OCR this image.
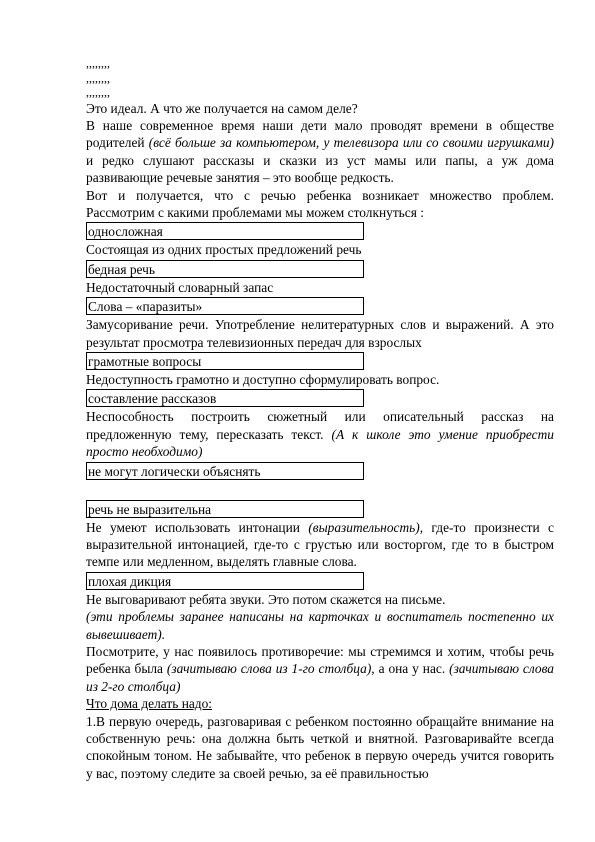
,,,,,,,,

,,,,,,,,

,,,,,,,,

Это идеал. А что же получается на самом деле?

В наше современное время наши дети мало проводят времени в обществе родителей (всё больше за компьютером, у телевизора или со своими игрушками) и редко слушают рассказы и сказки из уст мамы или папы, а уж дома развивающие речевые занятия – это вообще редкость.

Вот и получается, что с речью ребенка возникает множество проблем. Рассмотрим с какими проблемами мы можем столкнуться :

односложная

Состоящая из одних простых предложений речь

бедная речь

Недостаточный словарный запас

Слова – «паразиты»

Замусоривание речи. Употребление нелитературных слов и выражений. А это результат просмотра телевизионных передач для взрослых

грамотные вопросы

Недоступность грамотно и доступно сформулировать вопрос.

составление рассказов

Неспособность построить сюжетный или описательный рассказ на предложенную тему, пересказать текст. (А к школе это умение приобрести просто необходимо)

не могут логически объяснять
речь не выразительна

Не умеют использовать интонации (выразительность), где-то произнести с выразительной интонацией, где-то с грустью или восторгом, где то в быстром темпе или медленном, выделять главные слова.

плохая дикция

Не выговаривают ребята звуки. Это потом скажется на письме.

(эти проблемы заранее написаны на карточках и воспитатель постепенно их вывешивает).

Посмотрите, у нас появилось противоречие: мы стремимся и хотим, чтобы речь ребенка была (зачитываю слова из 1-го столбца), а она у нас. (зачитываю слова из 2-го столбца)

Что дома делать надо:

1.В первую очередь, разговаривая с ребенком постоянно обращайте внимание на собственную речь: она должна быть четкой и внятной. Разговаривайте всегда спокойным тоном. Не забывайте, что ребенок в первую очередь учится говорить у вас, поэтому следите за своей речью, за её правильностью
